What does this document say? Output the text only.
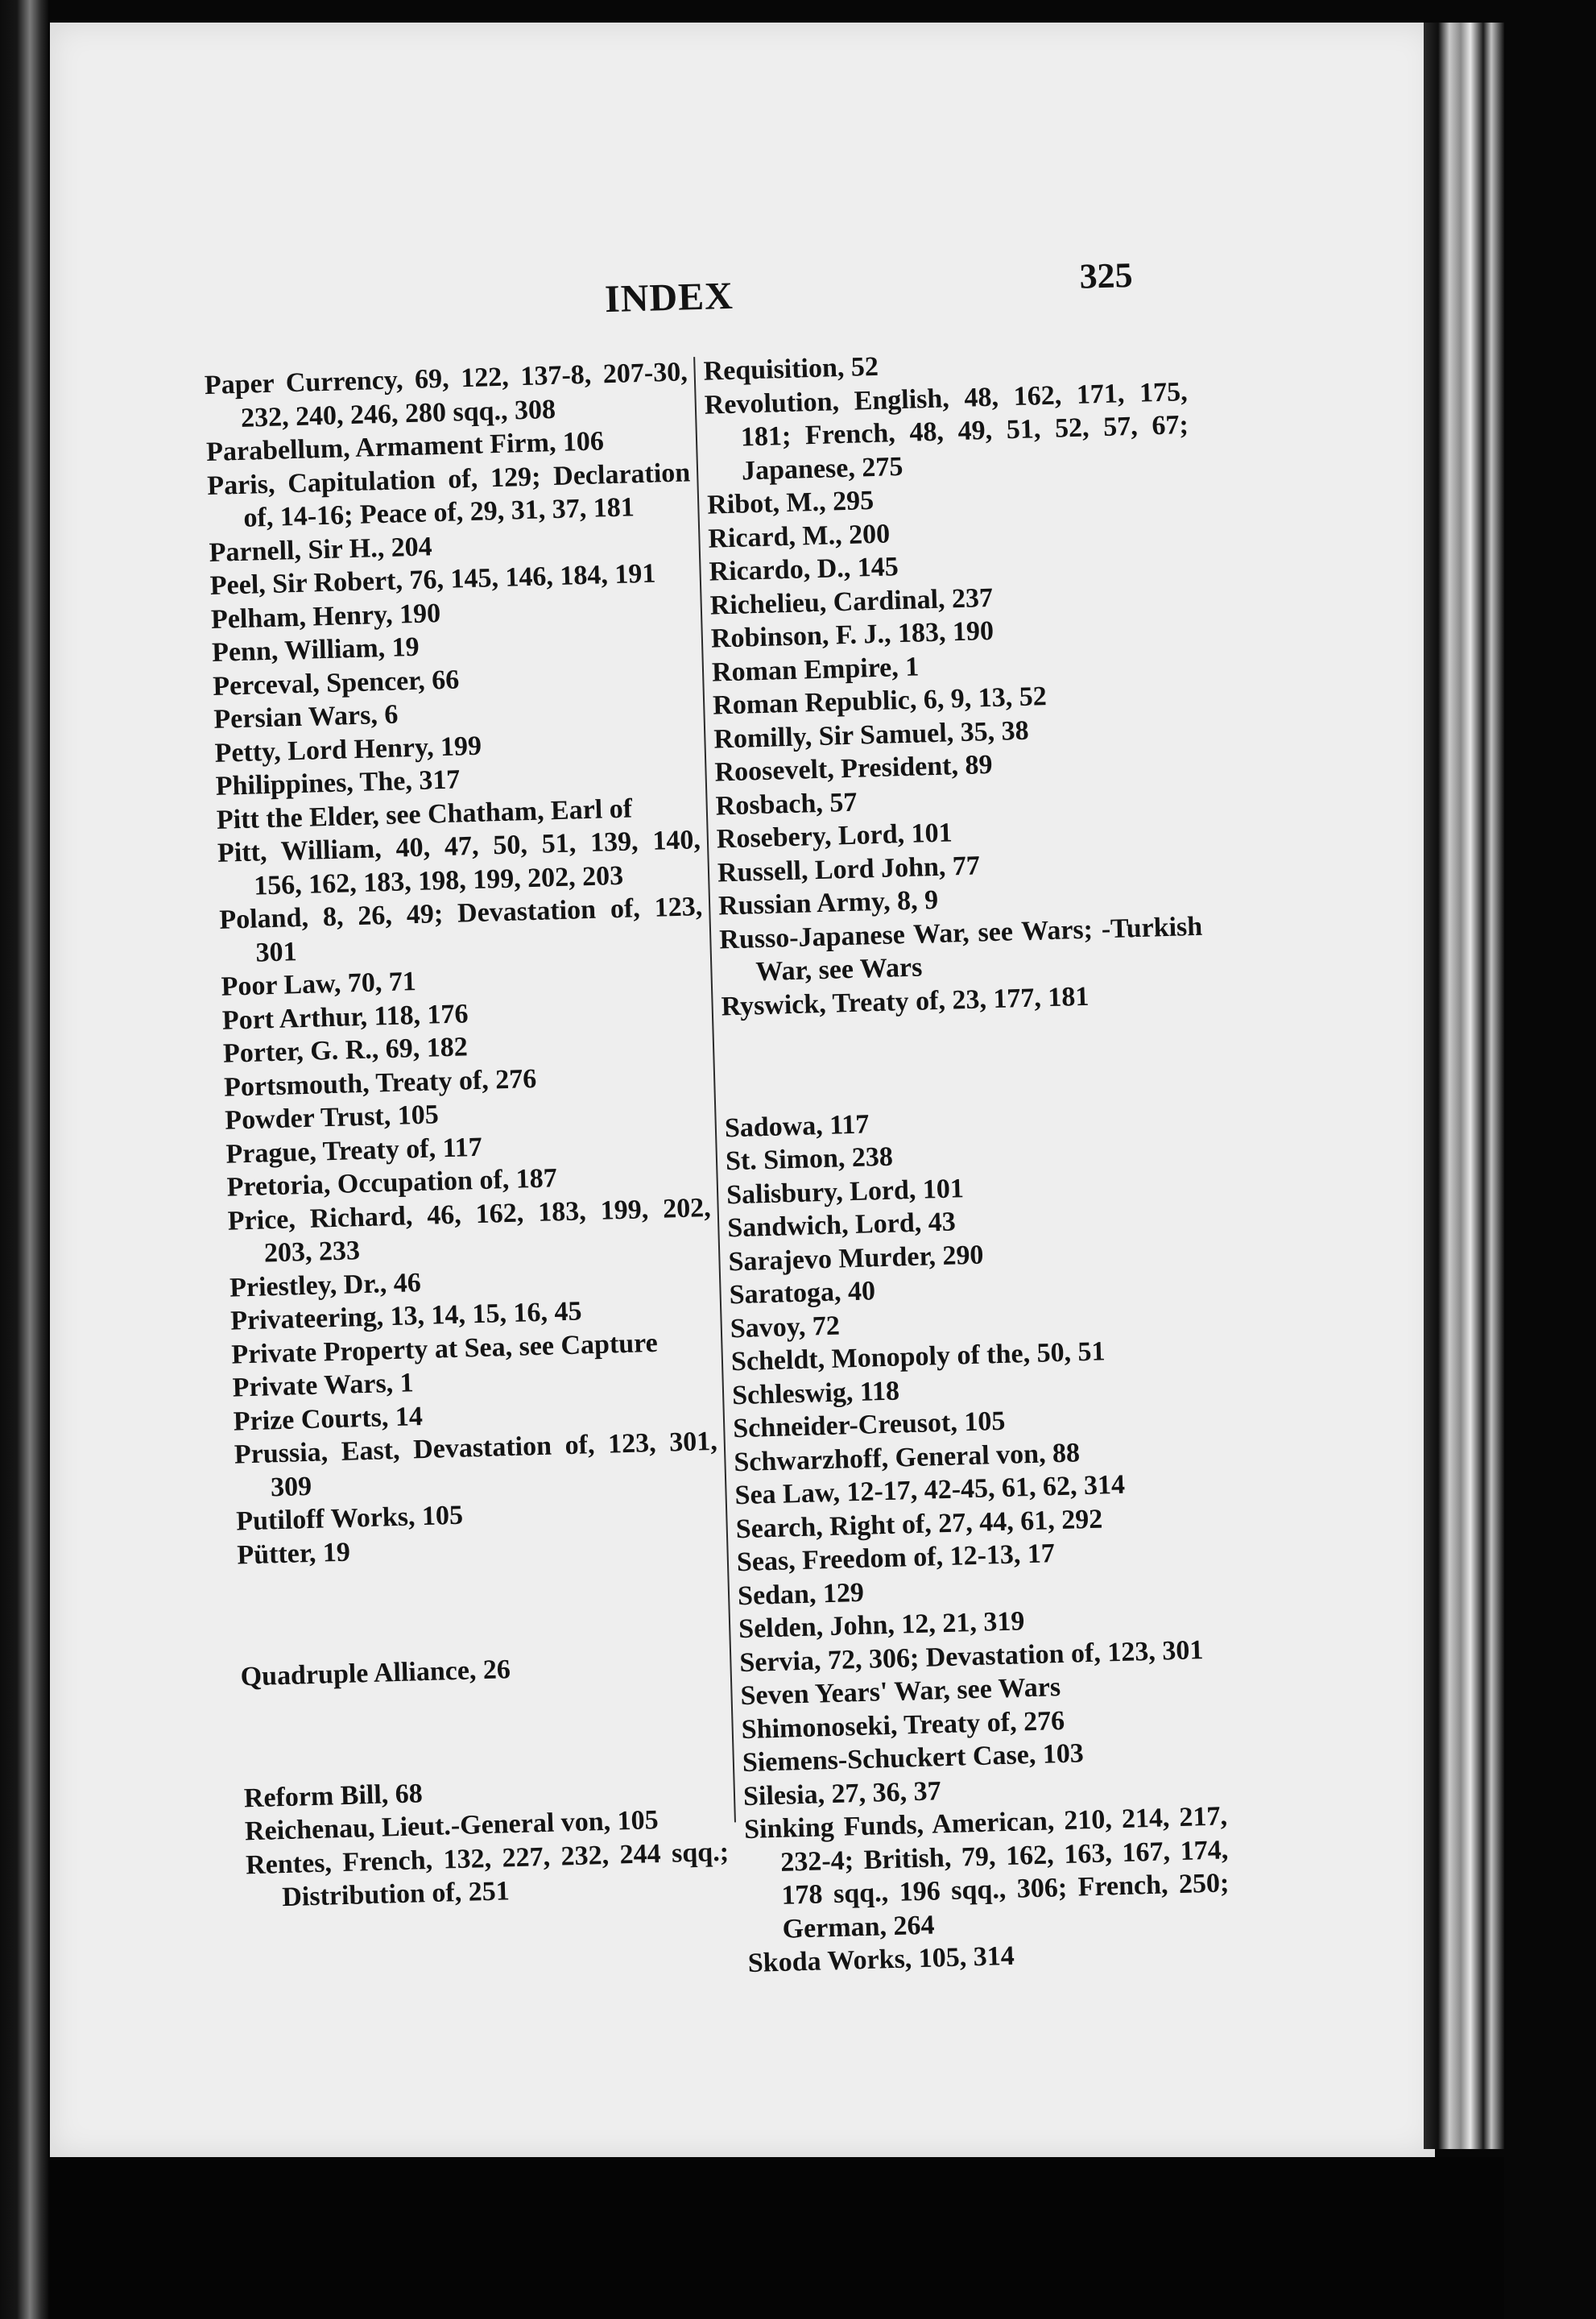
INDEX	325

Paper Currency, 69, 122, 137-8, 207-30, 232, 240, 246, 280 sqq., 308

Parabellum, Armament Firm, 106

Paris, Capitulation of, 129; Declaration of, 14-16; Peace of, 29, 31, 37, 181

Parnell, Sir H., 204

Peel, Sir Robert, 76, 145, 146, 184, 191

Pelham, Henry, 190

Penn, William, 19

Perceval, Spencer, 66

Persian Wars, 6

Petty, Lord Henry, 199

Philippines, The, 317

Pitt the Elder, see Chatham, Earl of

Pitt, William, 40, 47, 50, 51, 139, 140, 156, 162, 183, 198, 199, 202, 203

Poland, 8, 26, 49; Devastation of, 123, 301

Poor Law, 70, 71

Port Arthur, 118, 176

Porter, G. R., 69, 182

Portsmouth, Treaty of, 276

Powder Trust, 105

Prague, Treaty of, 117

Pretoria, Occupation of, 187

Price, Richard, 46, 162, 183, 199, 202, 203, 233

Priestley, Dr., 46

Privateering, 13, 14, 15, 16, 45

Private Property at Sea, see Capture

Private Wars, 1

Prize Courts, 14

Prussia, East, Devastation of, 123, 301, 309

Putiloff Works, 105

Pütter, 19

Quadruple Alliance, 26

Reform Bill, 68

Reichenau, Lieut.-General von, 105

Rentes, French, 132, 227, 232, 244 sqq.; Distribution of, 251

Requisition, 52

Revolution, English, 48, 162, 171, 175, 181; French, 48, 49, 51, 52, 57, 67; Japanese, 275

Ribot, M., 295

Ricard, M., 200

Ricardo, D., 145

Richelieu, Cardinal, 237

Robinson, F. J., 183, 190

Roman Empire, 1

Roman Republic, 6, 9, 13, 52

Romilly, Sir Samuel, 35, 38

Roosevelt, President, 89

Rosbach, 57

Rosebery, Lord, 101

Russell, Lord John, 77

Russian Army, 8, 9

Russo-Japanese War, see Wars; -Turkish War, see Wars

Ryswick, Treaty of, 23, 177, 181

Sadowa, 117

St. Simon, 238

Salisbury, Lord, 101

Sandwich, Lord, 43

Sarajevo Murder, 290

Saratoga, 40

Savoy, 72

Scheldt, Monopoly of the, 50, 51

Schleswig, 118

Schneider-Creusot, 105

Schwarzhoff, General von, 88

Sea Law, 12-17, 42-45, 61, 62, 314

Search, Right of, 27, 44, 61, 292

Seas, Freedom of, 12-13, 17

Sedan, 129

Selden, John, 12, 21, 319

Servia, 72, 306; Devastation of, 123, 301

Seven Years' War, see Wars

Shimonoseki, Treaty of, 276

Siemens-Schuckert Case, 103

Silesia, 27, 36, 37

Sinking Funds, American, 210, 214, 217, 232-4; British, 79, 162, 163, 167, 174, 178 sqq., 196 sqq., 306; French, 250; German, 264

Skoda Works, 105, 314
